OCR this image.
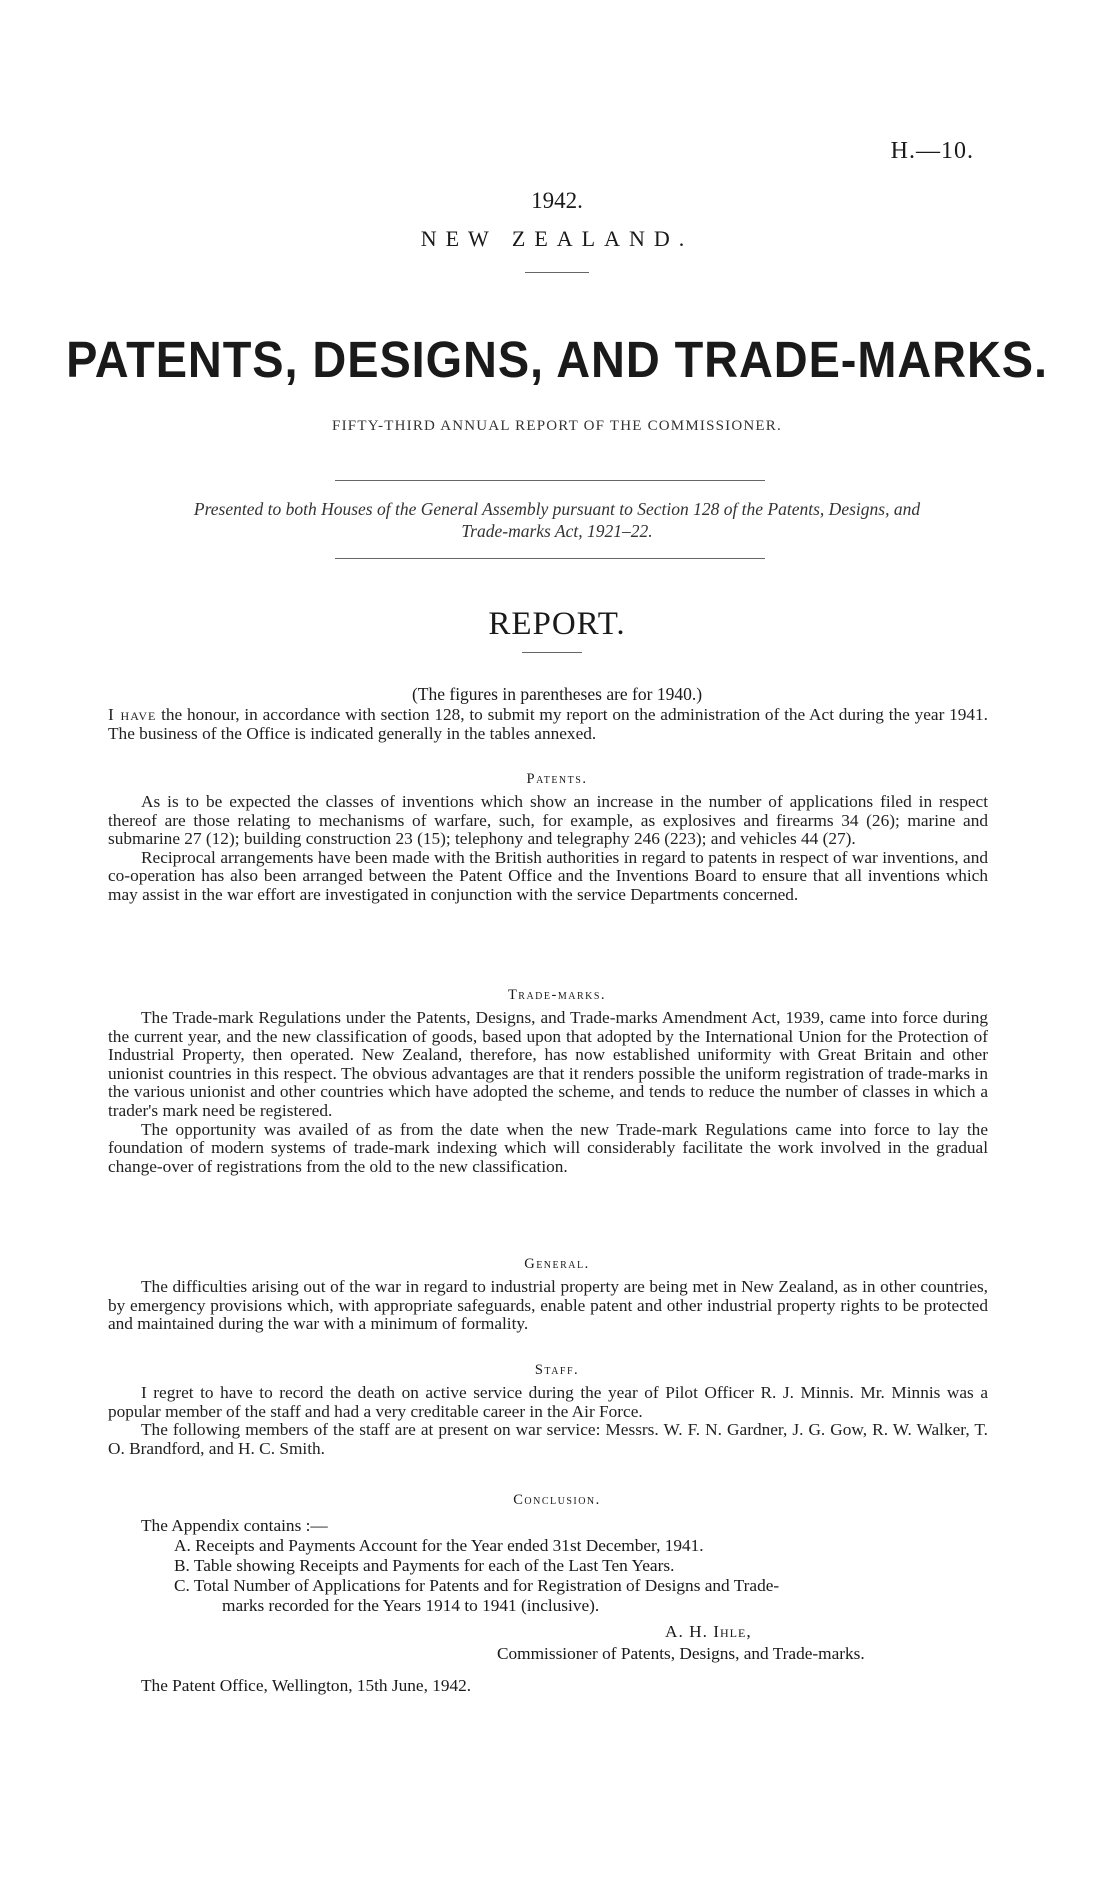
H.—10.
1942.
NEW ZEALAND.
PATENTS, DESIGNS, AND TRADE-MARKS.
FIFTY-THIRD ANNUAL REPORT OF THE COMMISSIONER.
Presented to both Houses of the General Assembly pursuant to Section 128 of the Patents, Designs, and
Trade-marks Act, 1921–22.
REPORT.
(The figures in parentheses are for 1940.)

I have the honour, in accordance with section 128, to submit my report on the administration of the Act during the year 1941. The business of the Office is indicated generally in the tables annexed.

Patents.

As is to be expected the classes of inventions which show an increase in the number of applications filed in respect thereof are those relating to mechanisms of warfare, such, for example, as explosives and firearms 34 (26); marine and submarine 27 (12); building construction 23 (15); telephony and telegraphy 246 (223); and vehicles 44 (27).

Reciprocal arrangements have been made with the British authorities in regard to patents in respect of war inventions, and co-operation has also been arranged between the Patent Office and the Inventions Board to ensure that all inventions which may assist in the war effort are investigated in conjunction with the service Departments concerned.

Trade-marks.

The Trade-mark Regulations under the Patents, Designs, and Trade-marks Amendment Act, 1939, came into force during the current year, and the new classification of goods, based upon that adopted by the International Union for the Protection of Industrial Property, then operated. New Zealand, therefore, has now established uniformity with Great Britain and other unionist countries in this respect. The obvious advantages are that it renders possible the uniform registration of trade-marks in the various unionist and other countries which have adopted the scheme, and tends to reduce the number of classes in which a trader's mark need be registered.

The opportunity was availed of as from the date when the new Trade-mark Regulations came into force to lay the foundation of modern systems of trade-mark indexing which will considerably facilitate the work involved in the gradual change-over of registrations from the old to the new classification.

General.

The difficulties arising out of the war in regard to industrial property are being met in New Zealand, as in other countries, by emergency provisions which, with appropriate safeguards, enable patent and other industrial property rights to be protected and maintained during the war with a minimum of formality.

Staff.

I regret to have to record the death on active service during the year of Pilot Officer R. J. Minnis. Mr. Minnis was a popular member of the staff and had a very creditable career in the Air Force.

The following members of the staff are at present on war service: Messrs. W. F. N. Gardner, J. G. Gow, R. W. Walker, T. O. Brandford, and H. C. Smith.

Conclusion.
The Appendix contains :—
A. Receipts and Payments Account for the Year ended 31st December, 1941.
B. Table showing Receipts and Payments for each of the Last Ten Years.
C. Total Number of Applications for Patents and for Registration of Designs and Trade-
marks recorded for the Years 1914 to 1941 (inclusive).
A. H. Ihle,
Commissioner of Patents, Designs, and Trade-marks.
The Patent Office, Wellington, 15th June, 1942.
